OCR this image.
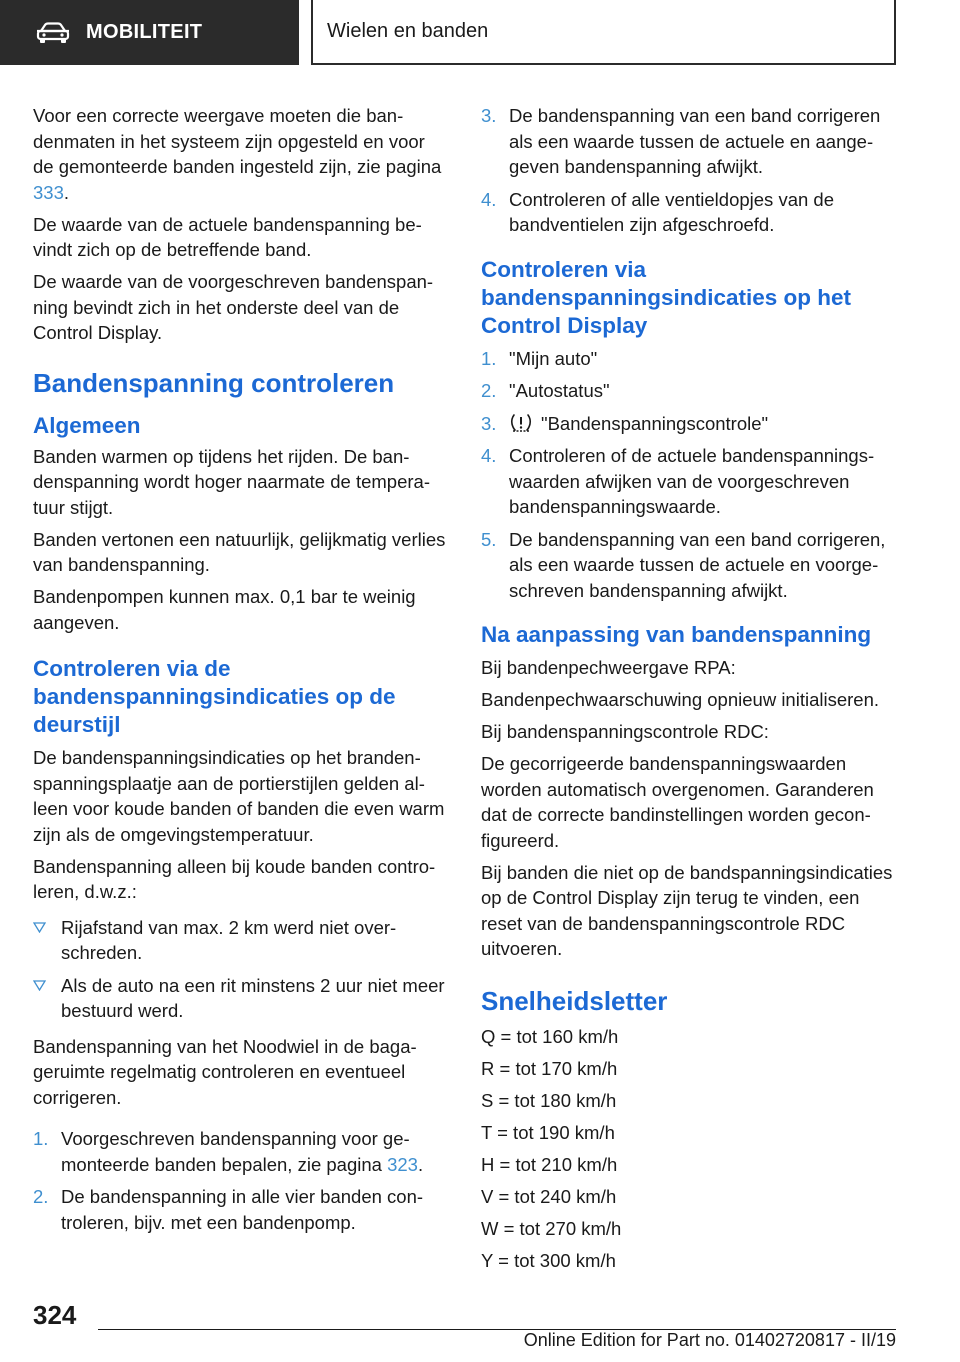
MOBILITEIT	Wielen en banden

Voor een correcte weergave moeten die bandenmaten in het systeem zijn opgesteld en voor de gemonteerde banden ingesteld zijn, zie pagina 333.

De waarde van de actuele bandenspanning bevindt zich op de betreffende band.

De waarde van de voorgeschreven bandenspanning bevindt zich in het onderste deel van de Control Display.

Bandenspanning controleren
Algemeen

Banden warmen op tijdens het rijden. De bandenspanning wordt hoger naarmate de temperatuur stijgt.

Banden vertonen een natuurlijk, gelijkmatig verlies van bandenspanning.

Bandenpompen kunnen max. 0,1 bar te weinig aangeven.

Controleren via de bandenspanningsindicaties op de deurstijl

De bandenspanningsindicaties op het brandenspanningsplaatje aan de portierstijlen gelden alleen voor koude banden of banden die even warm zijn als de omgevingstemperatuur.

Bandenspanning alleen bij koude banden controleren, d.w.z.:

Rijafstand van max. 2 km werd niet overschreden.
Als de auto na een rit minstens 2 uur niet meer bestuurd werd.

Bandenspanning van het Noodwiel in de bagageruimte regelmatig controleren en eventueel corrigeren.

1. Voorgeschreven bandenspanning voor gemonteerde banden bepalen, zie pagina 323.
2. De bandenspanning in alle vier banden controleren, bijv. met een bandenpomp.
3. De bandenspanning van een band corrigeren als een waarde tussen de actuele en aangegeven bandenspanning afwijkt.
4. Controleren of alle ventieldopjes van de bandventielen zijn afgeschroefd.
Controleren via bandenspanningsindicaties op het Control Display
1. "Mijn auto"
2. "Autostatus"
3. "Bandenspanningscontrole"
4. Controleren of de actuele bandenspanningswaarden afwijken van de voorgeschreven bandenspanningswaarde.
5. De bandenspanning van een band corrigeren, als een waarde tussen de actuele en voorgeschreven bandenspanning afwijkt.
Na aanpassing van bandenspanning

Bij bandenpechweergave RPA:

Bandenpechwaarschuwing opnieuw initialiseren.

Bij bandenspanningscontrole RDC:

De gecorrigeerde bandenspanningswaarden worden automatisch overgenomen. Garanderen dat de correcte bandinstellingen worden geconfigureerd.

Bij banden die niet op de bandspanningsindicaties op de Control Display zijn terug te vinden, een reset van de bandenspanningscontrole RDC uitvoeren.

Snelheidsletter

Q = tot 160 km/h

R = tot 170 km/h

S = tot 180 km/h

T = tot 190 km/h

H = tot 210 km/h

V = tot 240 km/h

W = tot 270 km/h

Y = tot 300 km/h

324
Online Edition for Part no. 01402720817 - II/19
